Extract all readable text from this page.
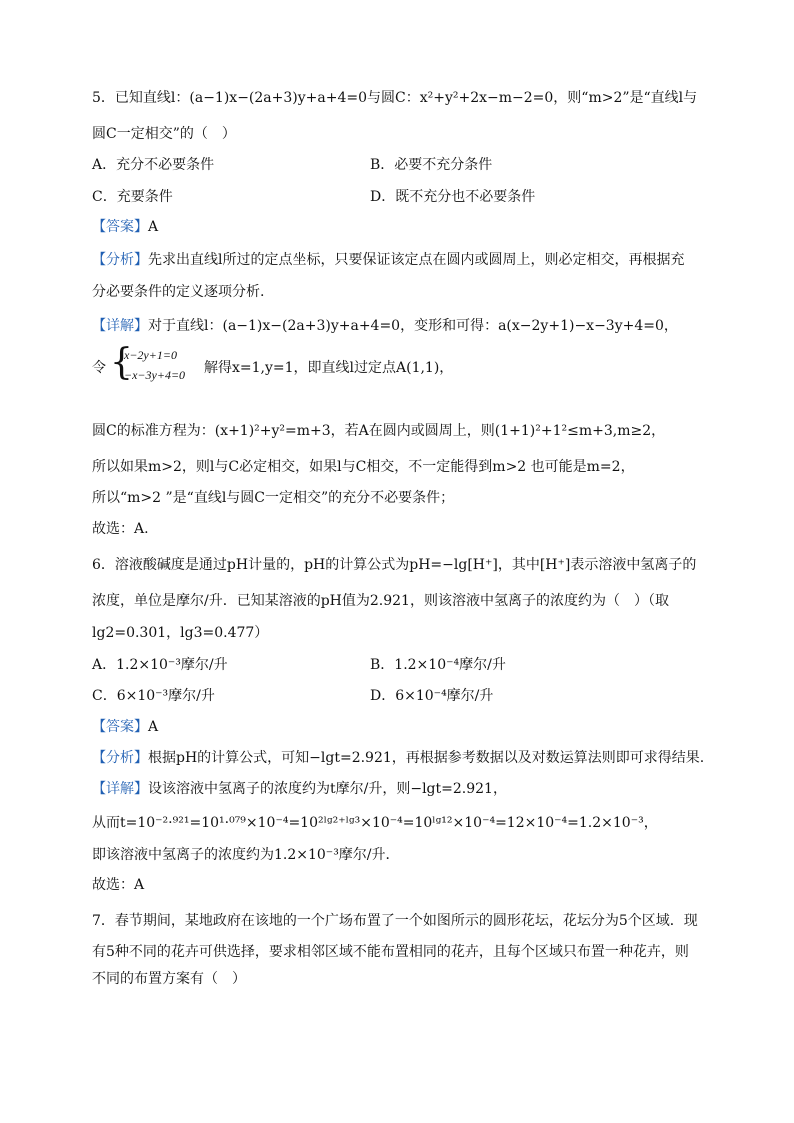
5．已知直线l：(a−1)x−(2a+3)y+a+4=0与圆C：x²+y²+2x−m−2=0，则“m>2”是“直线l与
圆C一定相交”的（　）
A．充分不必要条件	B．必要不充分条件
C．充要条件	D．既不充分也不必要条件
【答案】A
【分析】先求出直线l所过的定点坐标，只要保证该定点在圆内或圆周上，则必定相交，再根据充
分必要条件的定义逐项分析.
【详解】对于直线l：(a−1)x−(2a+3)y+a+4=0，变形和可得：a(x−2y+1)−x−3y+4=0，
令 {
x−2y+1=0
−x−3y+4=0 解得x=1,y=1，即直线l过定点A(1,1)，
圆C的标准方程为：(x+1)²+y²=m+3，若A在圆内或圆周上，则(1+1)²+1²≤m+3,m≥2，
所以如果m>2，则l与C必定相交，如果l与C相交，不一定能得到m>2 也可能是m=2，
所以“m>2 ”是“直线l与圆C一定相交”的充分不必要条件；
故选：A.
6．溶液酸碱度是通过pH计量的，pH的计算公式为pH=−lg[H⁺]，其中[H⁺]表示溶液中氢离子的
浓度，单位是摩尔/升．已知某溶液的pH值为2.921，则该溶液中氢离子的浓度约为（　）（取
lg2=0.301，lg3=0.477）
A．1.2×10⁻³摩尔/升	B．1.2×10⁻⁴摩尔/升
C．6×10⁻³摩尔/升	D．6×10⁻⁴摩尔/升
【答案】A
【分析】根据pH的计算公式，可知−lgt=2.921，再根据参考数据以及对数运算法则即可求得结果.
【详解】设该溶液中氢离子的浓度约为t摩尔/升，则−lgt=2.921，
从而t=10⁻²·⁹²¹=10¹·⁰⁷⁹×10⁻⁴=10²ˡᵍ²⁺ˡᵍ³×10⁻⁴=10ˡᵍ¹²×10⁻⁴=12×10⁻⁴=1.2×10⁻³，
即该溶液中氢离子的浓度约为1.2×10⁻³摩尔/升．
故选：A
7．春节期间，某地政府在该地的一个广场布置了一个如图所示的圆形花坛，花坛分为5个区域．现
有5种不同的花卉可供选择，要求相邻区域不能布置相同的花卉，且每个区域只布置一种花卉，则
不同的布置方案有（　）
